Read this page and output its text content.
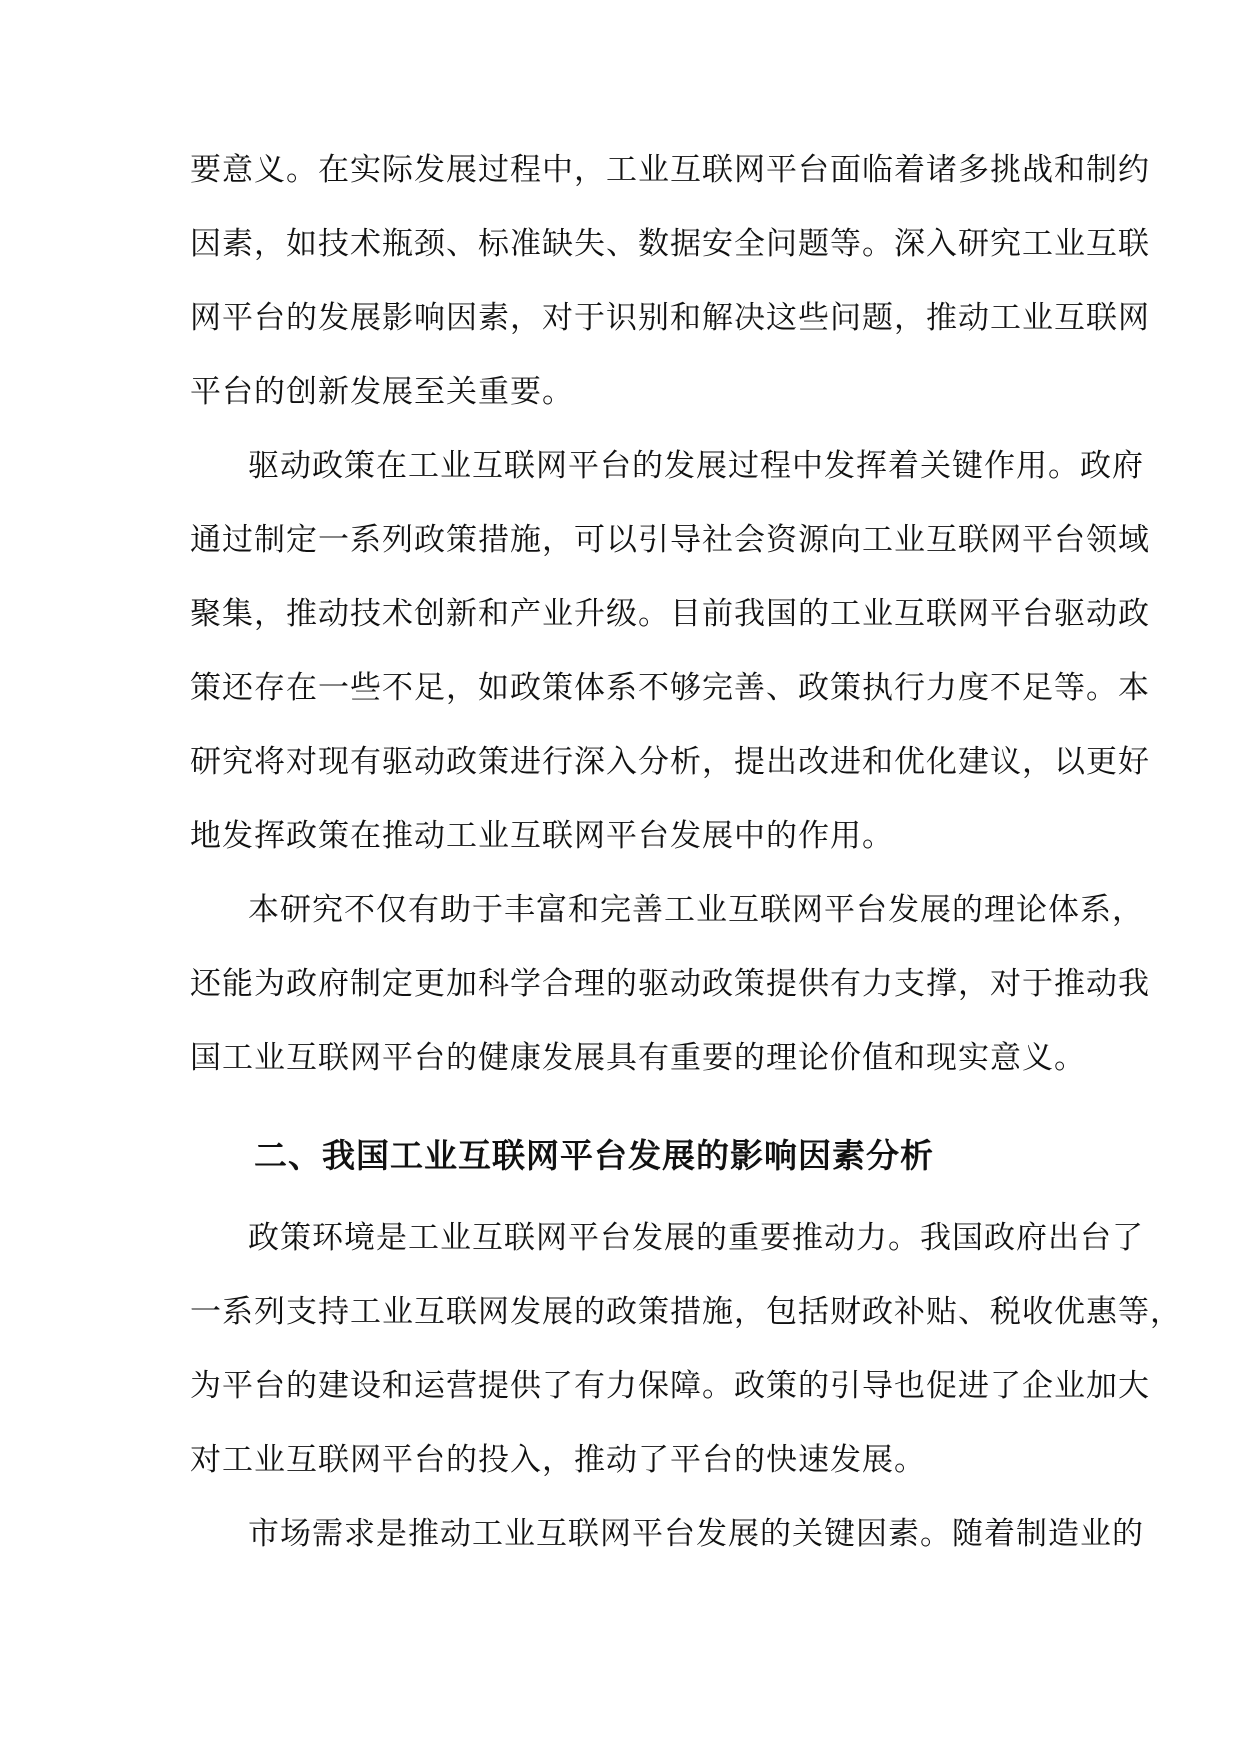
要意义。在实际发展过程中，工业互联网平台面临着诸多挑战和制约
因素，如技术瓶颈、标准缺失、数据安全问题等。深入研究工业互联
网平台的发展影响因素，对于识别和解决这些问题，推动工业互联网
平台的创新发展至关重要。
驱动政策在工业互联网平台的发展过程中发挥着关键作用。政府
通过制定一系列政策措施，可以引导社会资源向工业互联网平台领域
聚集，推动技术创新和产业升级。目前我国的工业互联网平台驱动政
策还存在一些不足，如政策体系不够完善、政策执行力度不足等。本
研究将对现有驱动政策进行深入分析，提出改进和优化建议，以更好
地发挥政策在推动工业互联网平台发展中的作用。
本研究不仅有助于丰富和完善工业互联网平台发展的理论体系，
还能为政府制定更加科学合理的驱动政策提供有力支撑，对于推动我
国工业互联网平台的健康发展具有重要的理论价值和现实意义。
二、我国工业互联网平台发展的影响因素分析
政策环境是工业互联网平台发展的重要推动力。我国政府出台了
一系列支持工业互联网发展的政策措施，包括财政补贴、税收优惠等，
为平台的建设和运营提供了有力保障。政策的引导也促进了企业加大
对工业互联网平台的投入，推动了平台的快速发展。
市场需求是推动工业互联网平台发展的关键因素。随着制造业的
